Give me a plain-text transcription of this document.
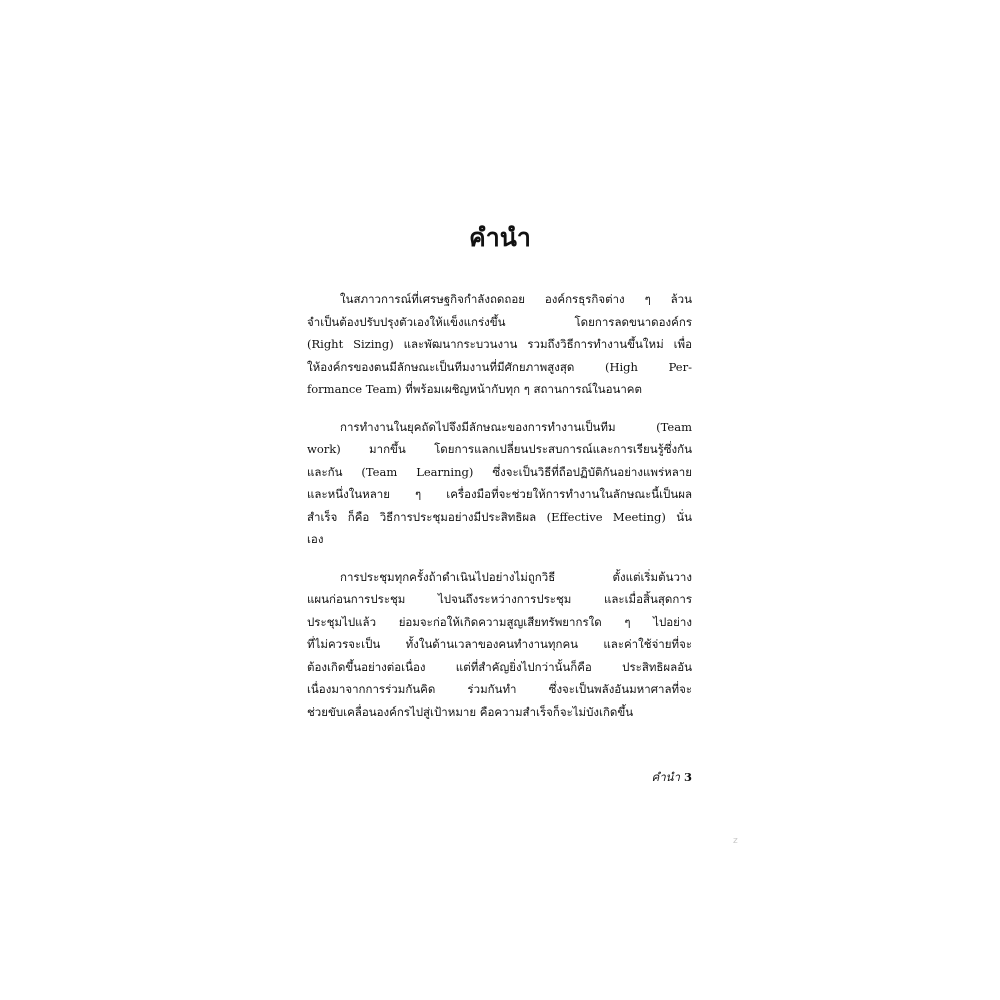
คำนำ

ในสภาวการณ์ที่เศรษฐกิจกำลังถดถอย องค์กรธุรกิจต่าง ๆ ล้วน
จำเป็นต้องปรับปรุงตัวเองให้แข็งแกร่งขึ้น โดยการลดขนาดองค์กร
(Right Sizing) และพัฒนากระบวนงาน รวมถึงวิธีการทำงานขึ้นใหม่ เพื่อ
ให้องค์กรของตนมีลักษณะเป็นทีมงานที่มีศักยภาพสูงสุด (High Per-
formance Team) ที่พร้อมเผชิญหน้ากับทุก ๆ สถานการณ์ในอนาคต

การทำงานในยุคถัดไปจึงมีลักษณะของการทำงานเป็นทีม (Team
work) มากขึ้น โดยการแลกเปลี่ยนประสบการณ์และการเรียนรู้ซึ่งกัน
และกัน (Team Learning) ซึ่งจะเป็นวิธีที่ถือปฏิบัติกันอย่างแพร่หลาย
และหนึ่งในหลาย ๆ เครื่องมือที่จะช่วยให้การทำงานในลักษณะนี้เป็นผล
สำเร็จ ก็คือ วิธีการประชุมอย่างมีประสิทธิผล (Effective Meeting) นั่น
เอง

การประชุมทุกครั้งถ้าดำเนินไปอย่างไม่ถูกวิธี ตั้งแต่เริ่มต้นวาง
แผนก่อนการประชุม ไปจนถึงระหว่างการประชุม และเมื่อสิ้นสุดการ
ประชุมไปแล้ว ย่อมจะก่อให้เกิดความสูญเสียทรัพยากรใด ๆ ไปอย่าง
ที่ไม่ควรจะเป็น ทั้งในด้านเวลาของคนทำงานทุกคน และค่าใช้จ่ายที่จะ
ต้องเกิดขึ้นอย่างต่อเนื่อง แต่ที่สำคัญยิ่งไปกว่านั้นก็คือ ประสิทธิผลอัน
เนื่องมาจากการร่วมกันคิด ร่วมกันทำ ซึ่งจะเป็นพลังอันมหาศาลที่จะ
ช่วยขับเคลื่อนองค์กรไปสู่เป้าหมาย คือความสำเร็จก็จะไม่บังเกิดขึ้น

คำนำ 3
z
